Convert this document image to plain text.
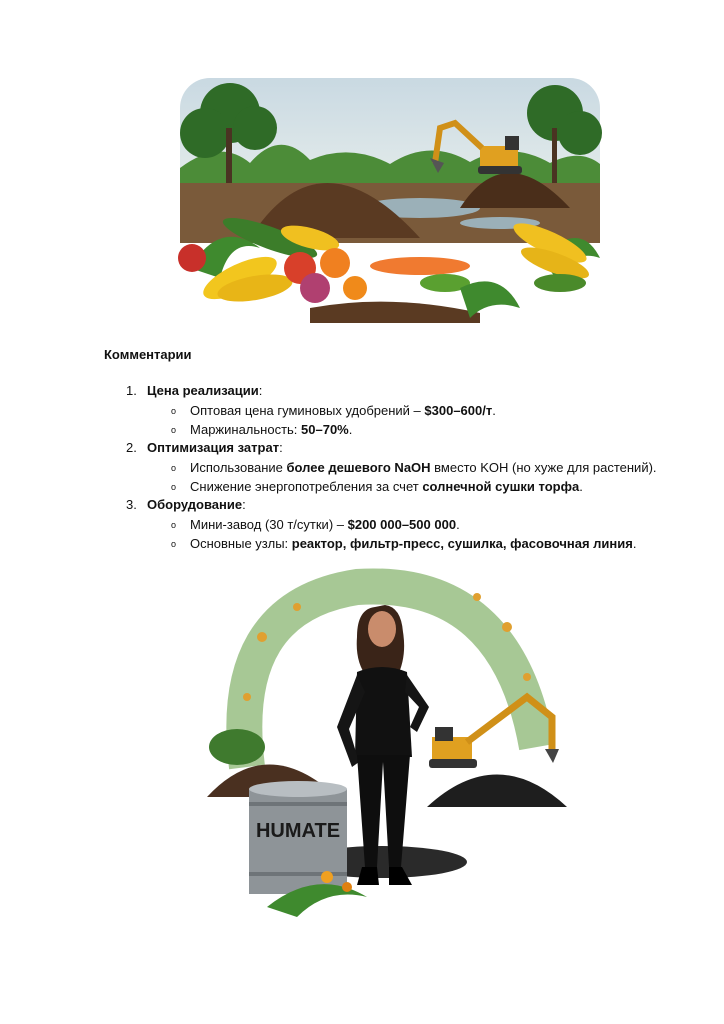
Комментарии
1. Цена реализации:
o Оптовая цена гуминовых удобрений – $300–600/т.
o Маржинальность: 50–70%.
2. Оптимизация затрат:
o Использование более дешевого NaOH вместо KOH (но хуже для растений).
o Снижение энергопотребления за счет солнечной сушки торфа.
3. Оборудование:
o Мини-завод (30 т/сутки) – $200 000–500 000.
o Основные узлы: реактор, фильтр-пресс, сушилка, фасовочная линия.
HUMATE
